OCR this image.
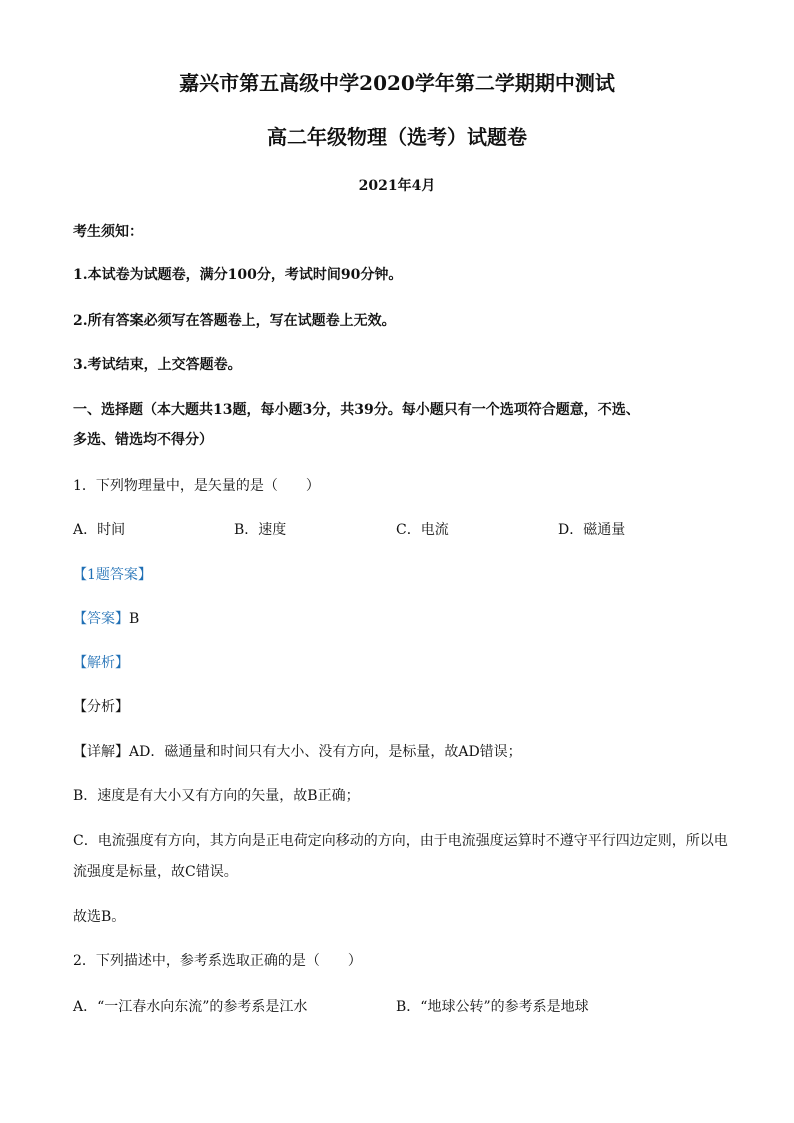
嘉兴市第五高级中学2020学年第二学期期中测试
高二年级物理（选考）试题卷
2021年4月
考生须知：
1.本试卷为试题卷，满分100分，考试时间90分钟。
2.所有答案必须写在答题卷上，写在试题卷上无效。
3.考试结束，上交答题卷。
一、选择题（本大题共13题，每小题3分，共39分。每小题只有一个选项符合题意，不选、
多选、错选均不得分）
1．下列物理量中，是矢量的是（　　）
A．时间	B．速度	C．电流	D．磁通量
【1题答案】
【答案】B
【解析】
【分析】
【详解】AD．磁通量和时间只有大小、没有方向，是标量，故AD错误；
B．速度是有大小又有方向的矢量，故B正确；
C．电流强度有方向，其方向是正电荷定向移动的方向，由于电流强度运算时不遵守平行四边定则，所以电
流强度是标量，故C错误。
故选B。
2．下列描述中，参考系选取正确的是（　　）
A．“一江春水向东流”的参考系是江水	B．“地球公转”的参考系是地球
